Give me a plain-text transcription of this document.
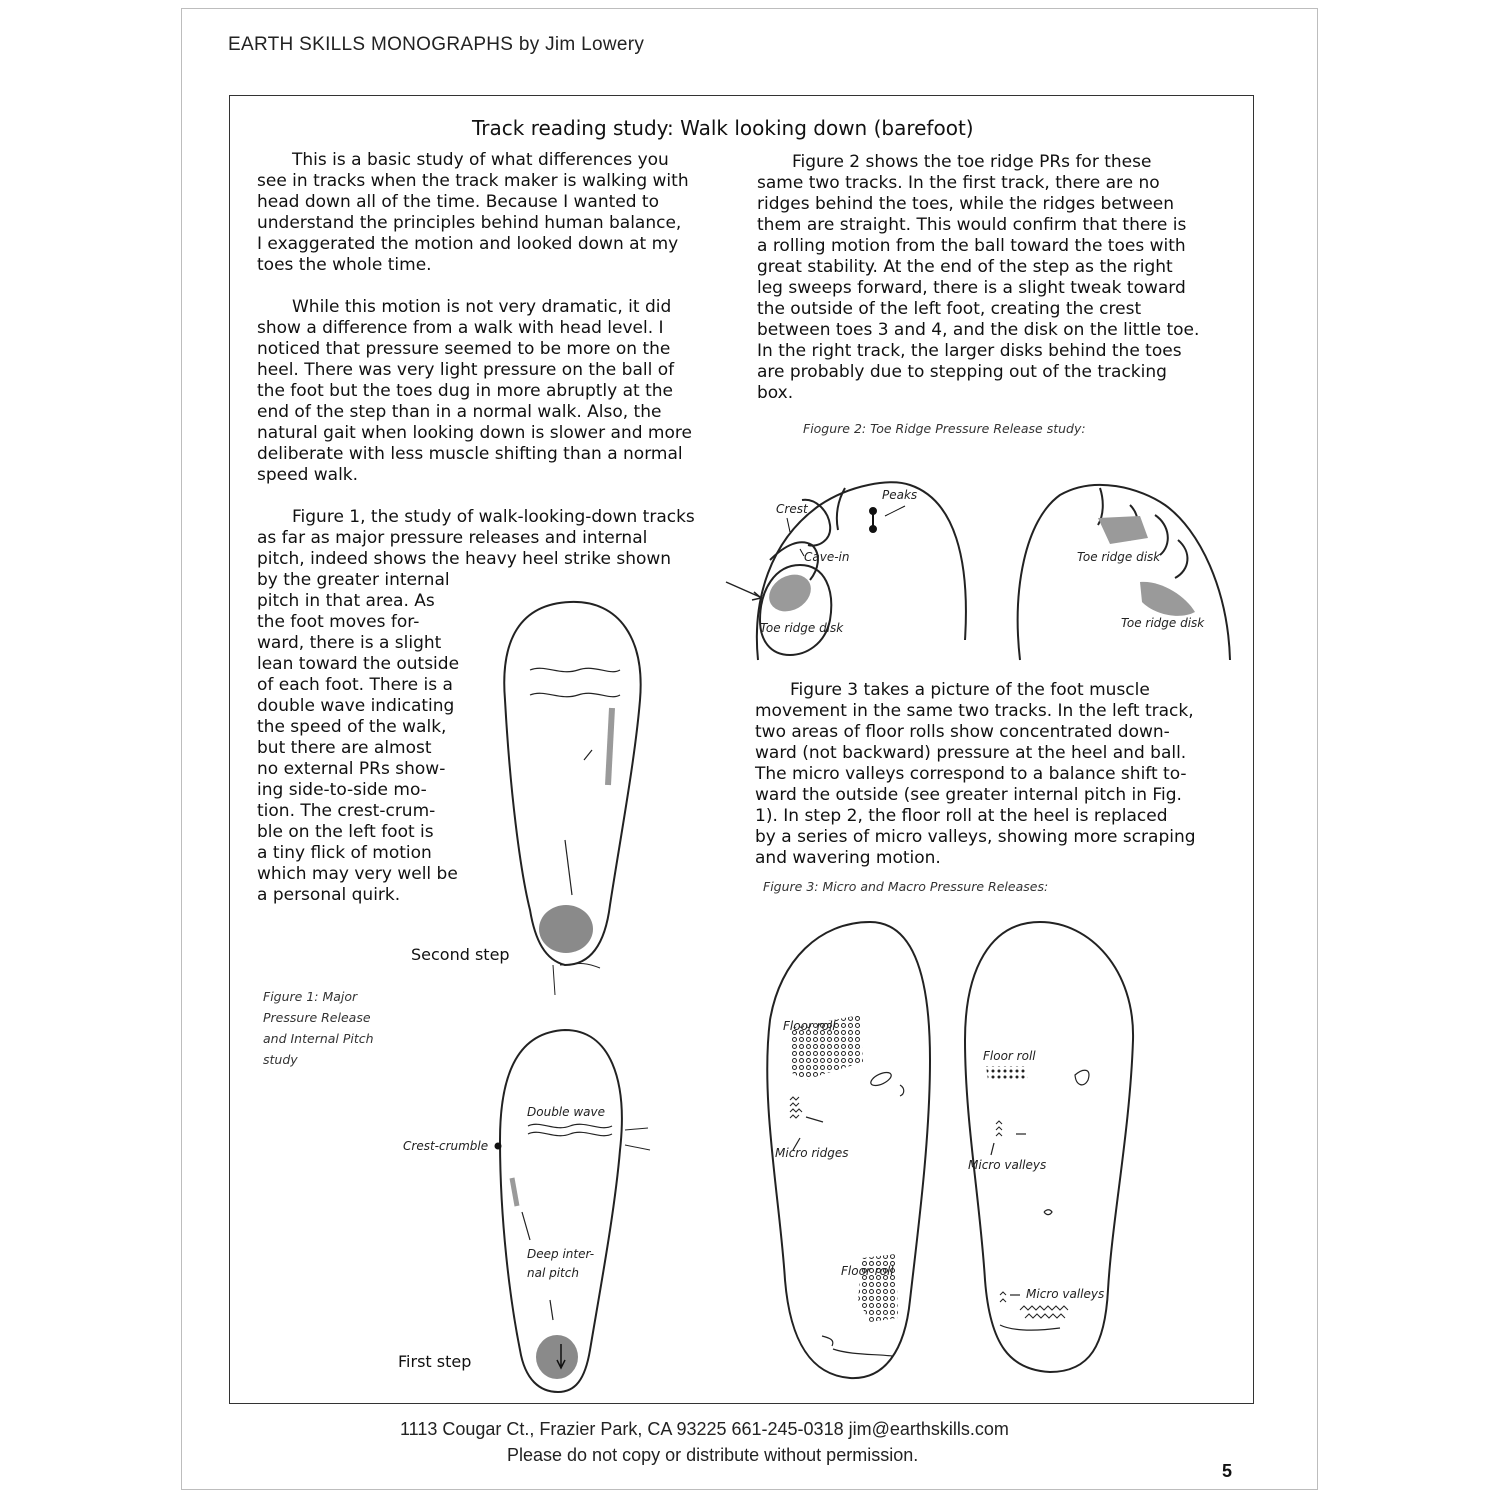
EARTH SKILLS MONOGRAPHS by Jim Lowery
Track reading study: Walk looking down (barefoot)
This is a basic study of what differences you
see in tracks when the track maker is walking with
head down all of the time. Because I wanted to
understand the principles behind human balance,
I exaggerated the motion and looked down at my
toes the whole time.
While this motion is not very dramatic, it did
show a difference from a walk with head level. I
noticed that pressure seemed to be more on the
heel. There was very light pressure on the ball of
the foot but the toes dug in more abruptly at the
end of the step than in a normal walk. Also, the
natural gait when looking down is slower and more
deliberate with less muscle shifting than a normal
speed walk.
Figure 1, the study of walk-looking-down tracks
as far as major pressure releases and internal
pitch, indeed shows the heavy heel strike shown
by the greater internal
pitch in that area. As
the foot moves for-
ward, there is a slight
lean toward the outside
of each foot. There is a
double wave indicating
the speed of the walk,
but there are almost
no external PRs show-
ing side-to-side mo-
tion. The crest-crum-
ble on the left foot is
a tiny flick of motion
which may very well be
a personal quirk.
Figure 2 shows the toe ridge PRs for these
same two tracks. In the first track, there are no
ridges behind the toes, while the ridges between
them are straight. This would confirm that there is
a rolling motion from the ball toward the toes with
great stability. At the end of the step as the right
leg sweeps forward, there is a slight tweak toward
the outside of the left foot, creating the crest
between toes 3 and 4, and the disk on the little toe.
In the right track, the larger disks behind the toes
are probably due to stepping out of the tracking
box.
Figure 3 takes a picture of the foot muscle
movement in the same two tracks. In the left track,
two areas of floor rolls show concentrated down-
ward (not backward) pressure at the heel and ball.
The micro valleys correspond to a balance shift to-
ward the outside (see greater internal pitch in Fig.
1). In step 2, the floor roll at the heel is replaced
by a series of micro valleys, showing more scraping
and wavering motion.
Fiogure 2: Toe Ridge Pressure Release study:
Figure 3: Micro and Macro Pressure Releases:
Figure 1: Major
Pressure Release
and Internal Pitch
study
Second step
First step
Double wave
Crest-crumble
Deep inter-
nal pitch
Crest
Peaks
Cave-in
Toe ridge disk
Toe ridge disk
Toe ridge disk
Floor roll
Micro ridges
Floor roll
Floor roll
Micro valleys
Micro valleys
1113 Cougar Ct., Frazier Park, CA 93225 661-245-0318 jim@earthskills.com
Please do not copy or distribute without permission.
5
